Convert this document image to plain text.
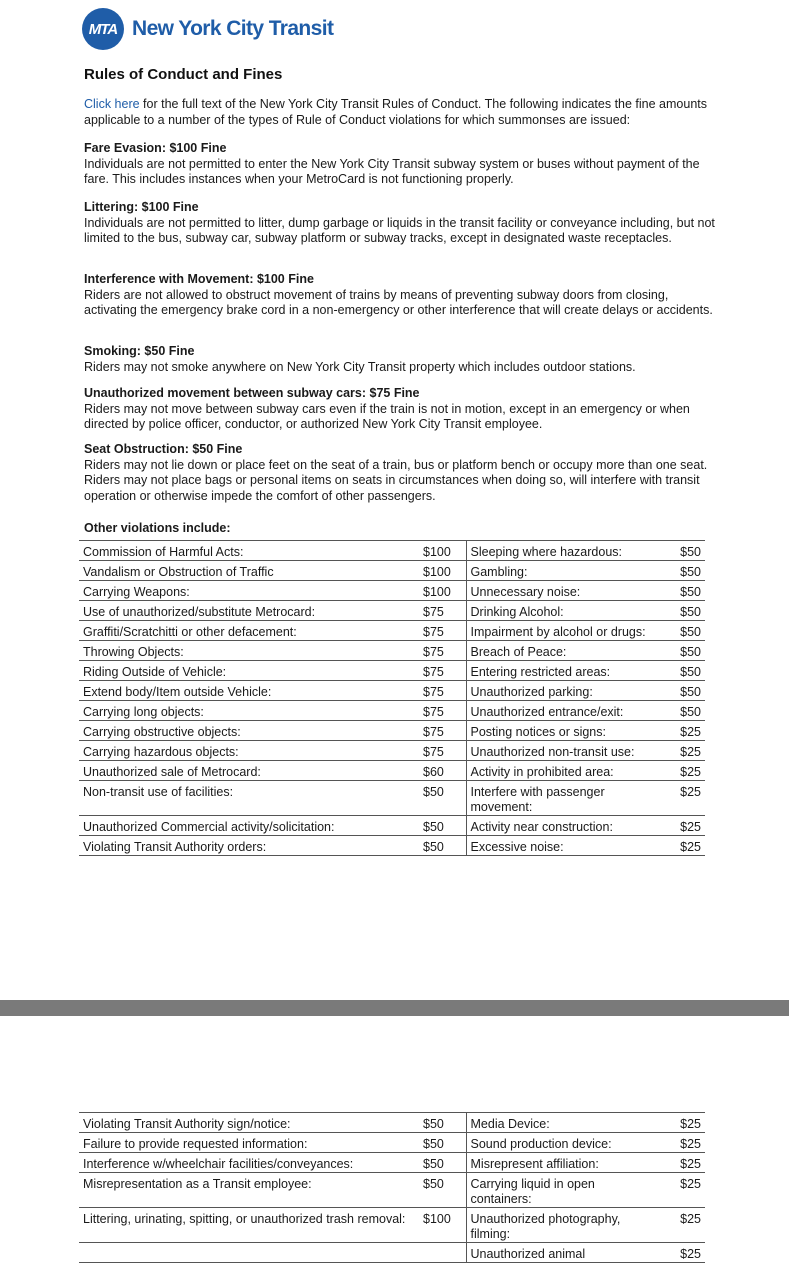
MTA New York City Transit
Rules of Conduct and Fines
Click here for the full text of the New York City Transit Rules of Conduct. The following indicates the fine amounts applicable to a number of the types of Rule of Conduct violations for which summonses are issued:
Fare Evasion: $100 Fine
Individuals are not permitted to enter the New York City Transit subway system or buses without payment of the fare. This includes instances when your MetroCard is not functioning properly.
Littering: $100 Fine
Individuals are not permitted to litter, dump garbage or liquids in the transit facility or conveyance including, but not limited to the bus, subway car, subway platform or subway tracks, except in designated waste receptacles.
Interference with Movement: $100 Fine
Riders are not allowed to obstruct movement of trains by means of preventing subway doors from closing, activating the emergency brake cord in a non-emergency or other interference that will create delays or accidents.
Smoking: $50 Fine
Riders may not smoke anywhere on New York City Transit property which includes outdoor stations.
Unauthorized movement between subway cars: $75 Fine
Riders may not move between subway cars even if the train is not in motion, except in an emergency or when directed by police officer, conductor, or authorized New York City Transit employee.
Seat Obstruction: $50 Fine
Riders may not lie down or place feet on the seat of a train, bus or platform bench or occupy more than one seat. Riders may not place bags or personal items on seats in circumstances when doing so, will interfere with transit operation or otherwise impede the comfort of other passengers.
Other violations include:
Commission of Harmful Acts:	$100	Sleeping where hazardous:	$50
Vandalism or Obstruction of Traffic	$100	Gambling:	$50
Carrying Weapons:	$100	Unnecessary noise:	$50
Use of unauthorized/substitute Metrocard:	$75	Drinking Alcohol:	$50
Graffiti/Scratchitti or other defacement:	$75	Impairment by alcohol or drugs:	$50
Throwing Objects:	$75	Breach of Peace:	$50
Riding Outside of Vehicle:	$75	Entering restricted areas:	$50
Extend body/Item outside Vehicle:	$75	Unauthorized parking:	$50
Carrying long objects:	$75	Unauthorized entrance/exit:	$50
Carrying obstructive objects:	$75	Posting notices or signs:	$25
Carrying hazardous objects:	$75	Unauthorized non-transit use:	$25
Unauthorized sale of Metrocard:	$60	Activity in prohibited area:	$25
Non-transit use of facilities:	$50	Interfere with passenger movement:	$25
Unauthorized Commercial activity/solicitation:	$50	Activity near construction:	$25
Violating Transit Authority orders:	$50	Excessive noise:	$25
Violating Transit Authority sign/notice:	$50	Media Device:	$25
Failure to provide requested information:	$50	Sound production device:	$25
Interference w/wheelchair facilities/conveyances:	$50	Misrepresent affiliation:	$25
Misrepresentation as a Transit employee:	$50	Carrying liquid in open containers:	$25
Littering, urinating, spitting, or unauthorized trash removal:	$100	Unauthorized photography, filming:	$25
		Unauthorized animal	$25
